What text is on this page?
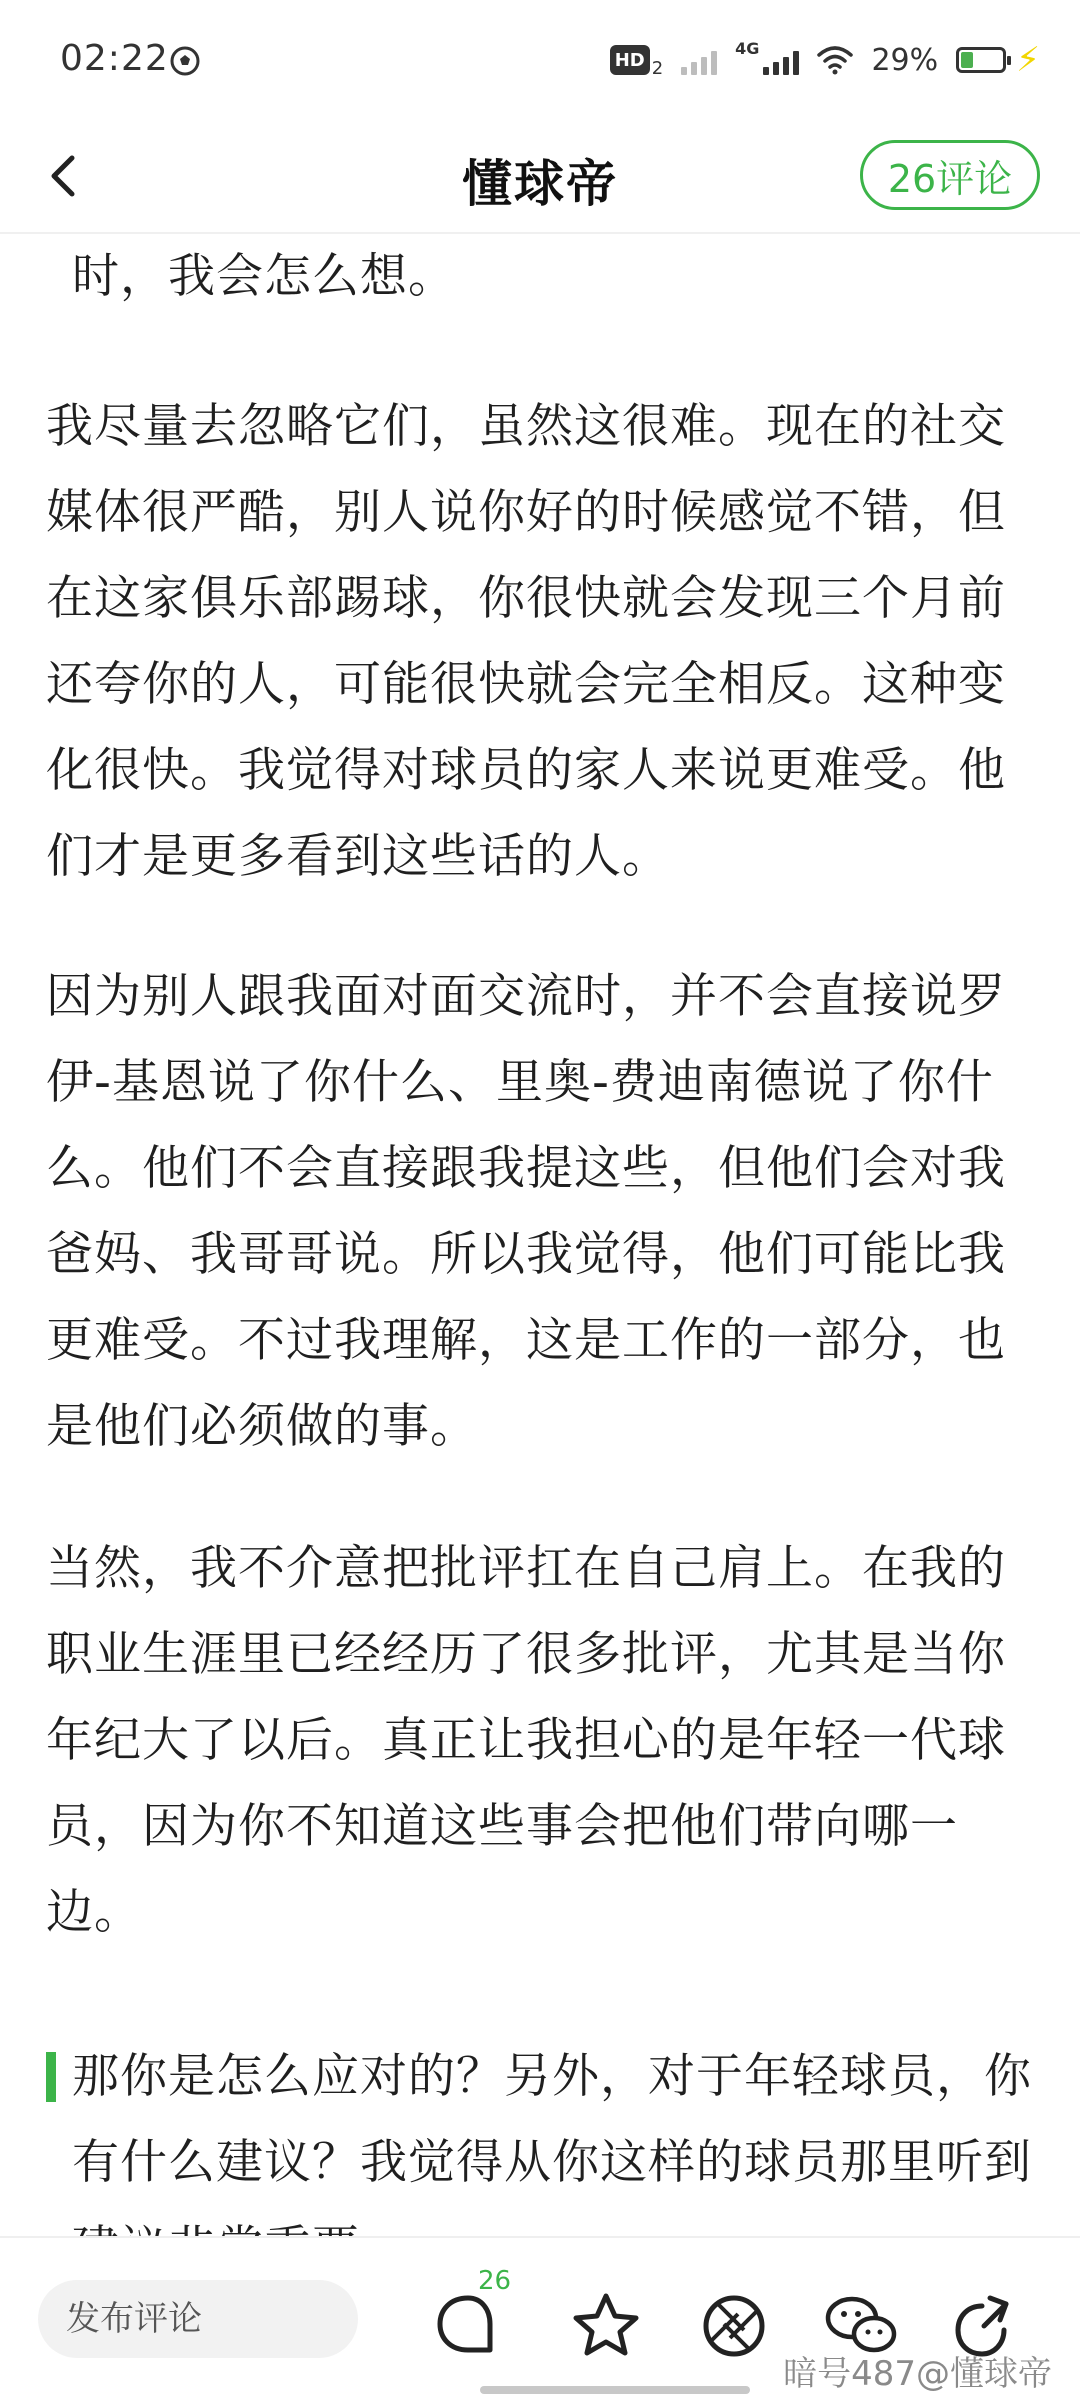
02:22	HD 2
4G	29% ⚡
懂球帝	26评论

时，我会怎么想。

我尽量去忽略它们，虽然这很难。现在的社交媒体很严酷，别人说你好的时候感觉不错，但在这家俱乐部踢球，你很快就会发现三个月前还夸你的人，可能很快就会完全相反。这种变化很快。我觉得对球员的家人来说更难受。他们才是更多看到这些话的人。

因为别人跟我面对面交流时，并不会直接说罗伊-基恩说了你什么、里奥-费迪南德说了你什么。他们不会直接跟我提这些，但他们会对我爸妈、我哥哥说。所以我觉得，他们可能比我更难受。不过我理解，这是工作的一部分，也是他们必须做的事。

当然，我不介意把批评扛在自己肩上。在我的职业生涯里已经经历了很多批评，尤其是当你年纪大了以后。真正让我担心的是年轻一代球员，因为你不知道这些事会把他们带向哪一边。

那你是怎么应对的？另外，对于年轻球员，你有什么建议？我觉得从你这样的球员那里听到

发布评论
26
暗号487@懂球帝
